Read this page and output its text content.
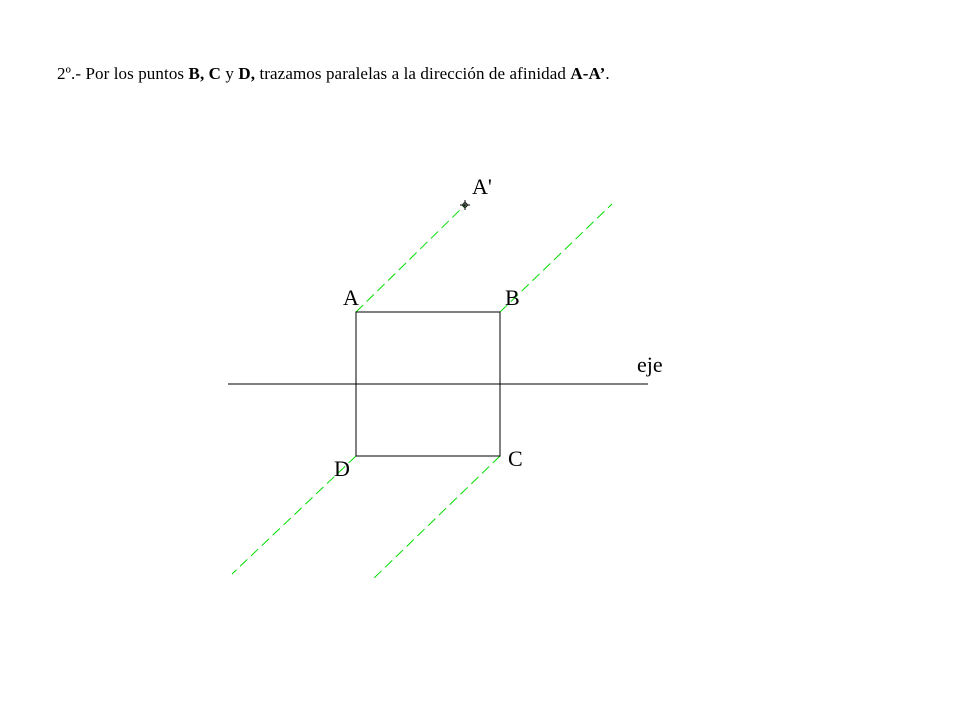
2º.- Por los puntos B, C y D, trazamos paralelas a la dirección de afinidad A-A’.
A'
A	B
C
D
eje
